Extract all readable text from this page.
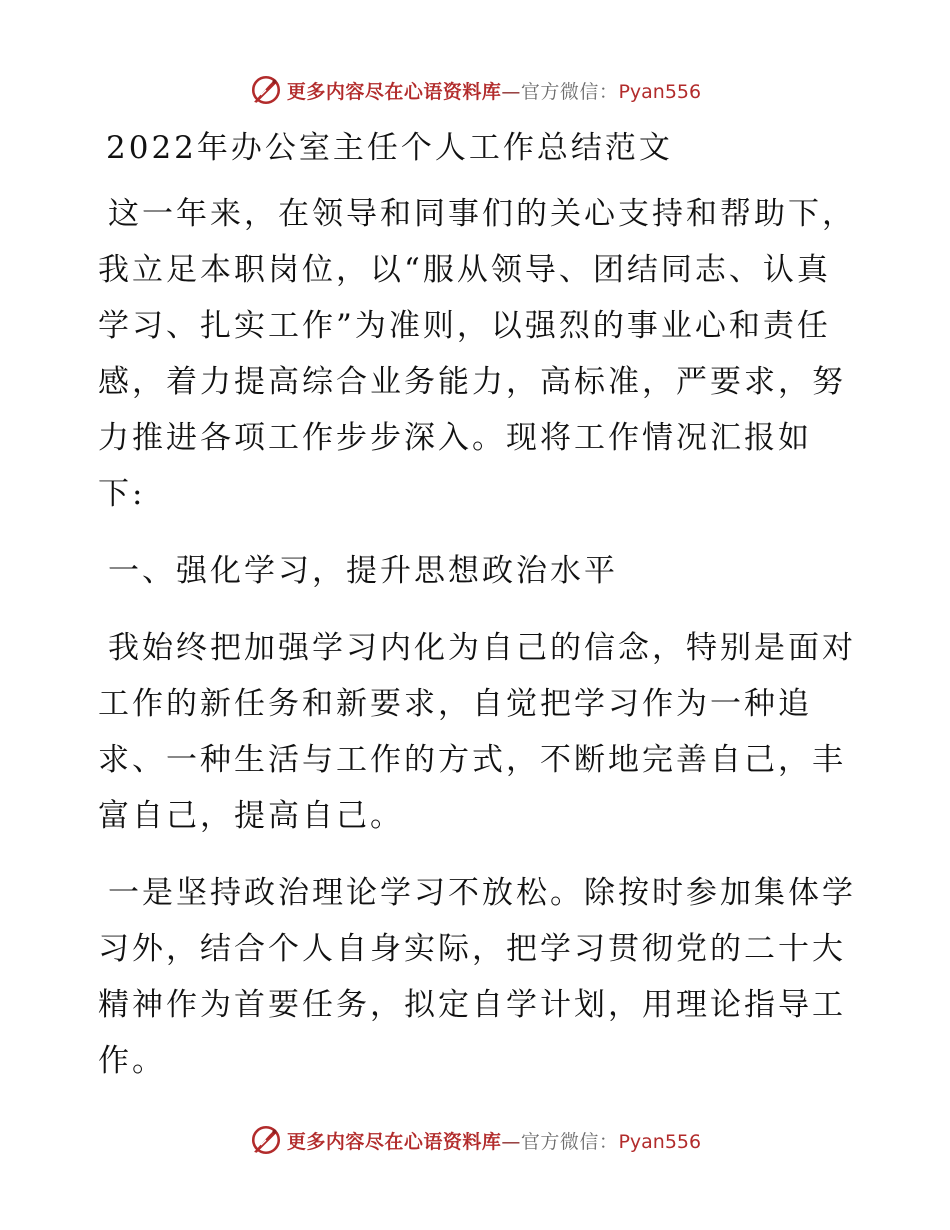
更多内容尽在心语资料库—官方微信：Pyan556
2022年办公室主任个人工作总结范文

这一年来，在领导和同事们的关心支持和帮助下，我立足本职岗位，以“服从领导、团结同志、认真学习、扎实工作”为准则，以强烈的事业心和责任感，着力提高综合业务能力，高标准，严要求，努力推进各项工作步步深入。现将工作情况汇报如下:

一、强化学习，提升思想政治水平

我始终把加强学习内化为自己的信念，特别是面对工作的新任务和新要求，自觉把学习作为一种追求、一种生活与工作的方式，不断地完善自己，丰富自己，提高自己。

一是坚持政治理论学习不放松。除按时参加集体学习外，结合个人自身实际，把学习贯彻党的二十大精神作为首要任务，拟定自学计划，用理论指导工作。

更多内容尽在心语资料库—官方微信：Pyan556
